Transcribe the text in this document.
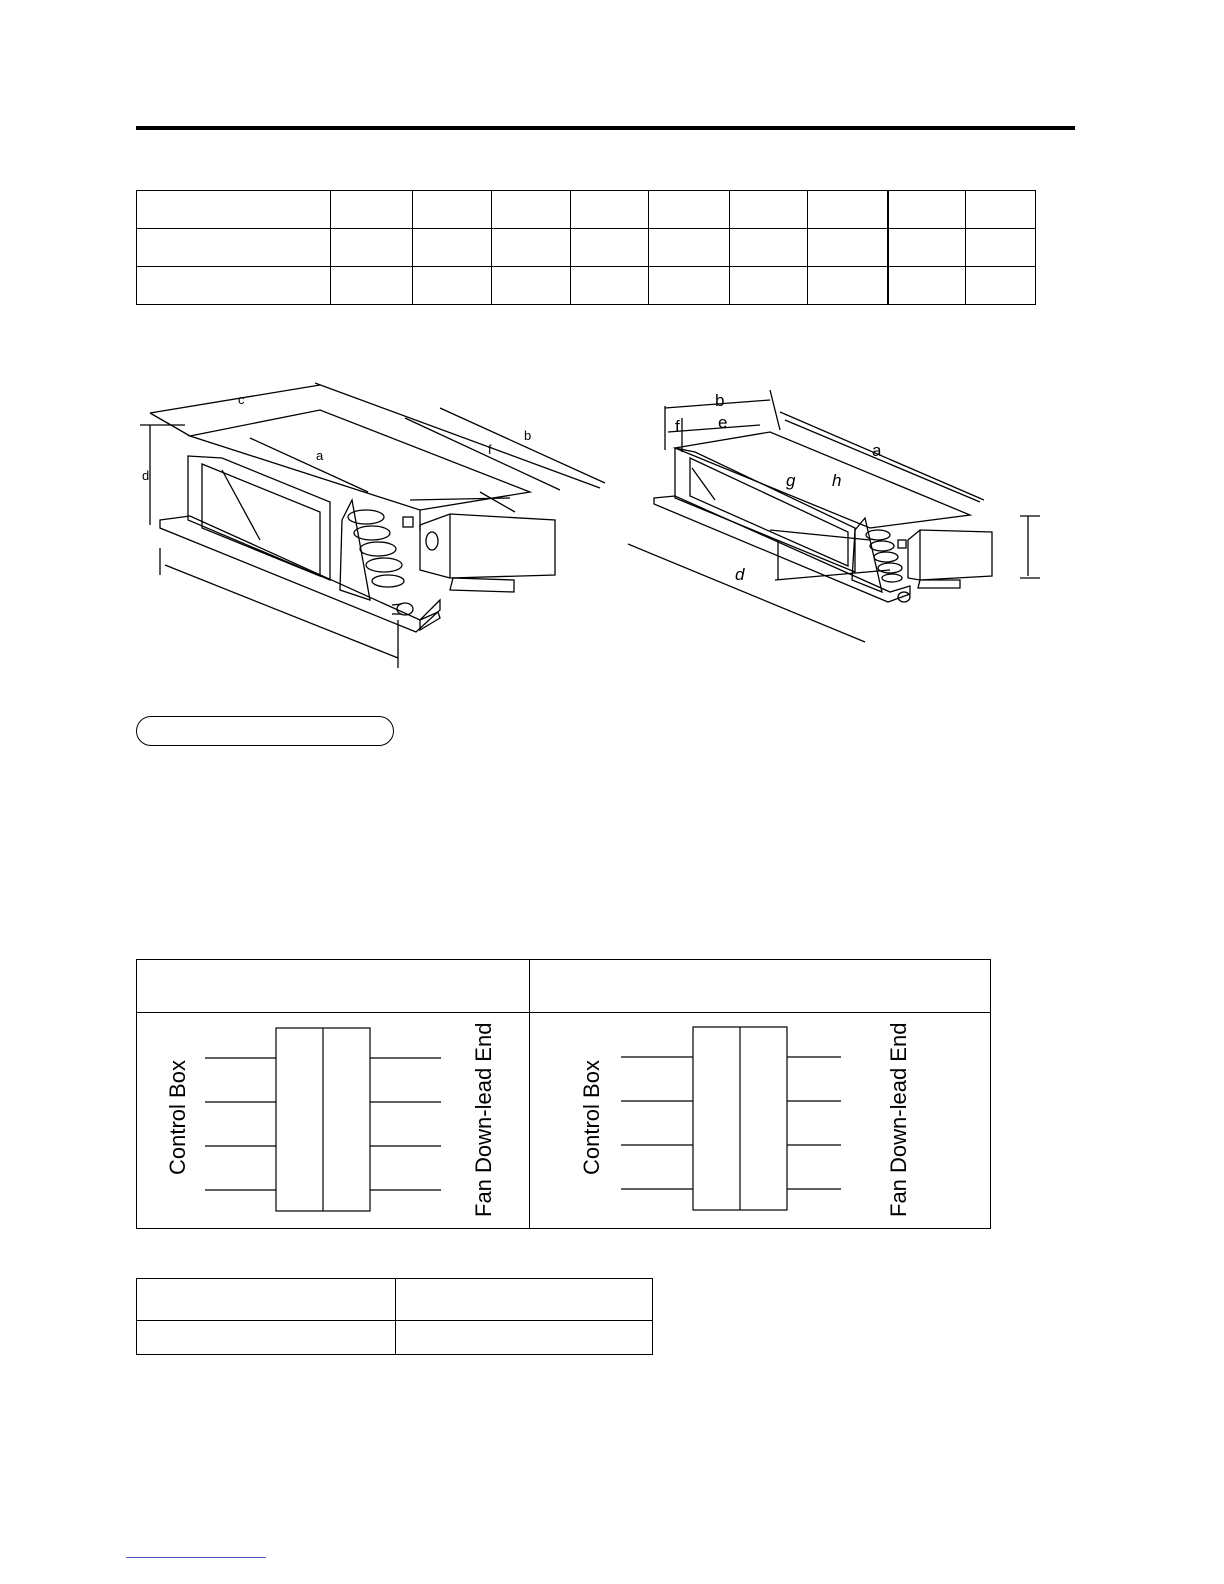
c
d
a	f
b
b
f e
a
g h
d
Control Box	Fan Down-lead End	Control Box	Fan Down-lead End
